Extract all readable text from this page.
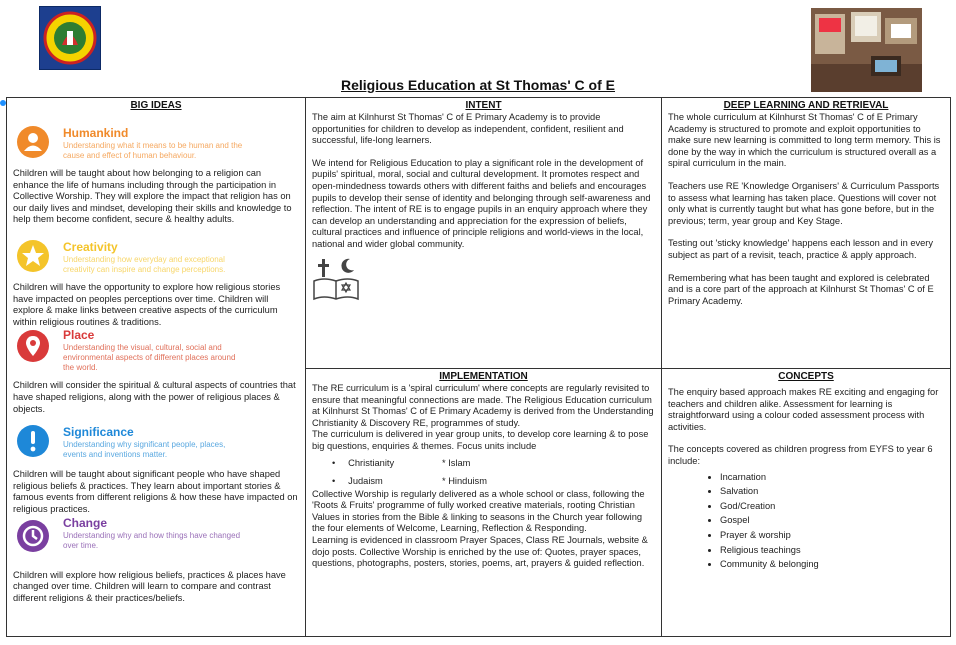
Religious Education at St Thomas' C of E
BIG IDEAS
Humankind
Understanding what it means to be human and the cause and effect of human behaviour.
Children will be taught about how belonging to a religion can enhance the life of humans including through the participation in Collective Worship. They will explore the impact that religion has on our daily lives and mindset, developing their skills and knowledge to help them become confident, secure & healthy adults.
Creativity
Understanding how everyday and exceptional creativity can inspire and change perceptions.
Children will have the opportunity to explore how religious stories have impacted on peoples perceptions over time. Children will explore & make links between creative aspects of the curriculum within religious routines & traditions.
Place
Understanding the visual, cultural, social and environmental aspects of different places around the world.
Children will consider the spiritual & cultural aspects of countries that have shaped religions, along with the power of religious places & objects.
Significance
Understanding why significant people, places, events and inventions matter.
Children will be taught about significant people who have shaped religious beliefs & practices. They learn about important stories & famous events from different religions & how these have impacted on religious practices.
Change
Understanding why and how things have changed over time.
Children will explore how religious beliefs, practices & places have changed over time. Children will learn to compare and contrast different religions & their practices/beliefs.
INTENT
The aim at Kilnhurst St Thomas' C of E Primary Academy is to provide opportunities for children to develop as independent, confident, resilient and successful, life-long learners.
We intend for Religious Education to play a significant role in the development of pupils' spiritual, moral, social and cultural development. It promotes respect and open-mindedness towards others with different faiths and beliefs and encourages pupils to develop their sense of identity and belonging through self-awareness and reflection. The intent of RE is to engage pupils in an enquiry approach where they can develop an understanding and appreciation for the expression of beliefs, cultural practices and influence of principle religions and world-views in the local, national and wider global community.
DEEP LEARNING AND RETRIEVAL
The whole curriculum at Kilnhurst St Thomas' C of E Primary Academy is structured to promote and exploit opportunities to make sure new learning is committed to long term memory. This is done by the way in which the curriculum is structured overall as a spiral curriculum in the main.
Teachers use RE 'Knowledge Organisers' & Curriculum Passports to assess what learning has taken place. Questions will cover not only what is currently taught but what has gone before, but in the previous; term, year group and Key Stage.
Testing out 'sticky knowledge' happens each lesson and in every subject as part of a revisit, teach, practice & apply approach.
Remembering what has been taught and explored is celebrated and is a core part of the approach at Kilnhurst St Thomas' C of E Primary Academy.
IMPLEMENTATION
The RE curriculum is a 'spiral curriculum' where concepts are regularly revisited to ensure that meaningful connections are made. The Religious Education curriculum at Kilnhurst St Thomas' C of E Primary Academy is derived from the Understanding Christianity & Discovery RE, programmes of study.
The curriculum is delivered in year group units, to develop core learning & to pose big questions, enquiries & themes. Focus units include
•     Christianity
•     Judaism
* Islam
* Hinduism
Collective Worship is regularly delivered as a whole school or class, following the 'Roots & Fruits' programme of fully worked creative materials, rooting Christian Values in stories from the Bible & linking to seasons in the Church year following the four elements of Welcome, Learning, Reflection & Responding.
Learning is evidenced in classroom Prayer Spaces, Class RE Journals, website & dojo posts. Collective Worship is enriched by the use of: Quotes, prayer spaces, questions, photographs, posters, stories, poems, art, prayers & guided reflection.
CONCEPTS
The enquiry based approach makes RE exciting and engaging for teachers and children alike. Assessment for learning is straightforward using a colour coded assessment process with activities.
The concepts covered as children progress from EYFS to year 6 include:
• Incarnation
• Salvation
• God/Creation
• Gospel
• Prayer & worship
• Religious teachings
• Community & belonging
